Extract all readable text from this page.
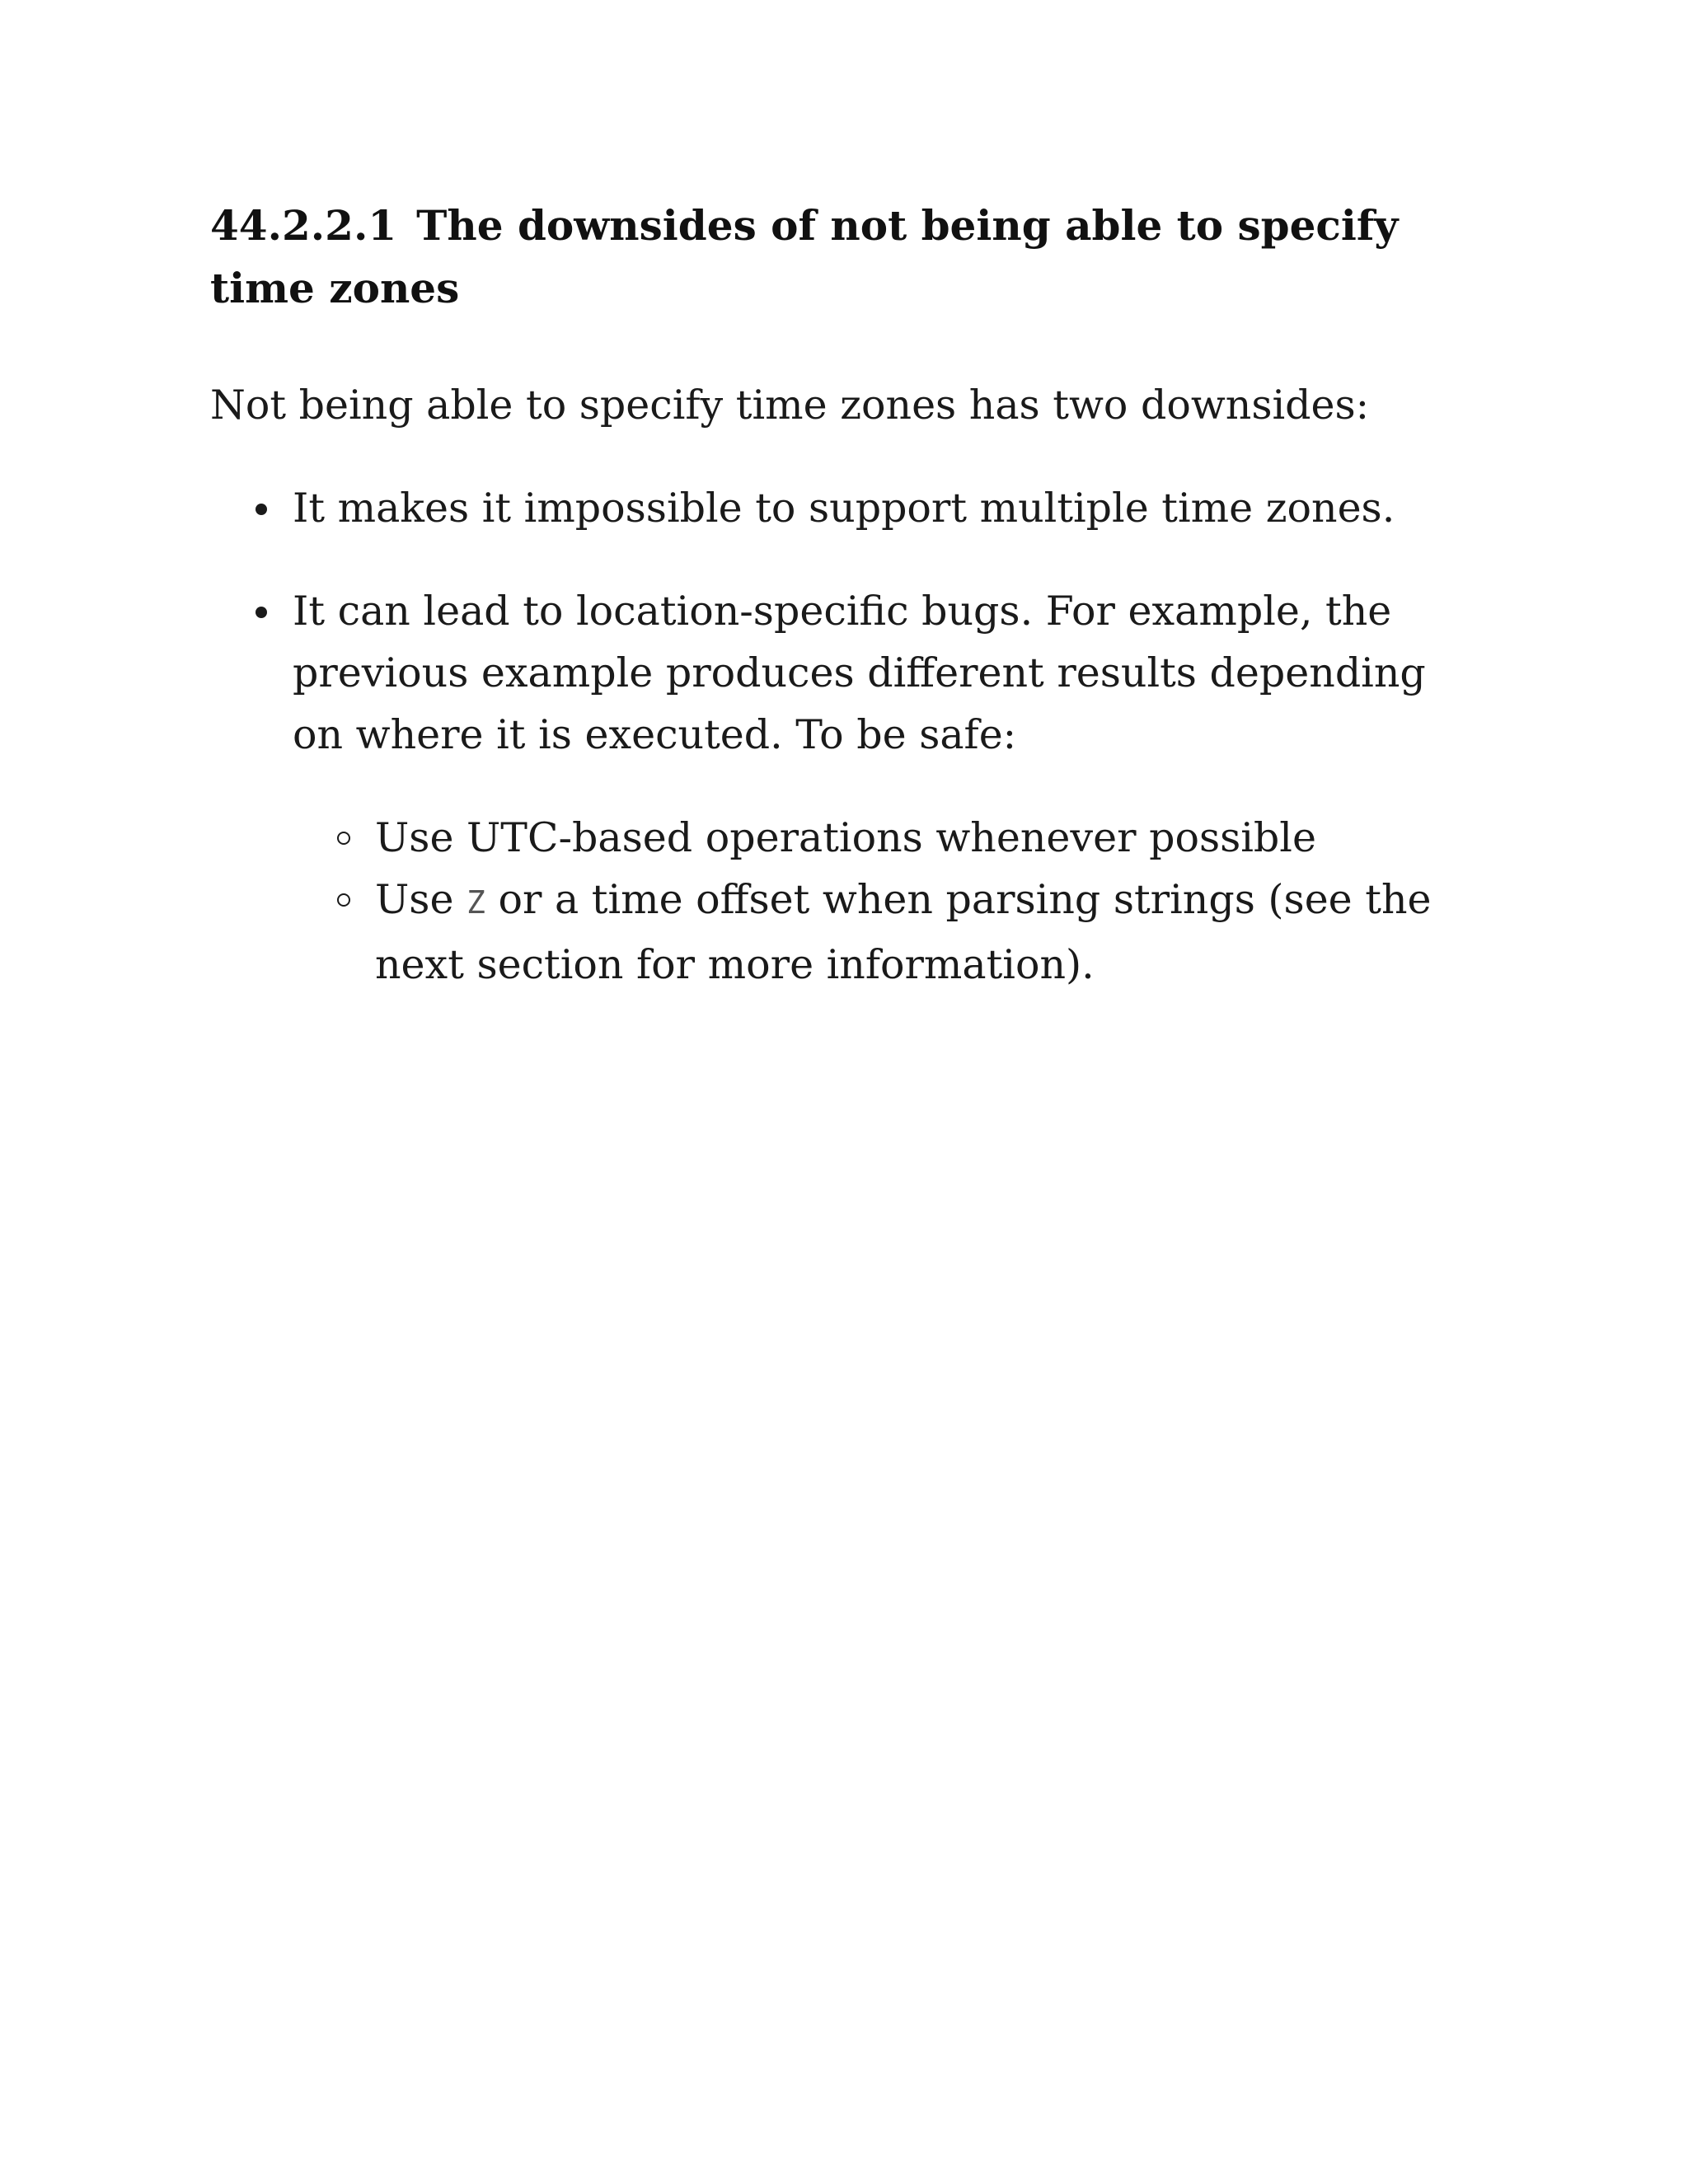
44.2.2.1 The downsides of not being able to specify time zones

Not being able to specify time zones has two downsides:

It makes it impossible to support multiple time zones.
It can lead to location-specific bugs. For example, the previous example produces different results depending on where it is executed. To be safe:
Use UTC-based operations whenever possible
Use Z or a time offset when parsing strings (see the next section for more information).
